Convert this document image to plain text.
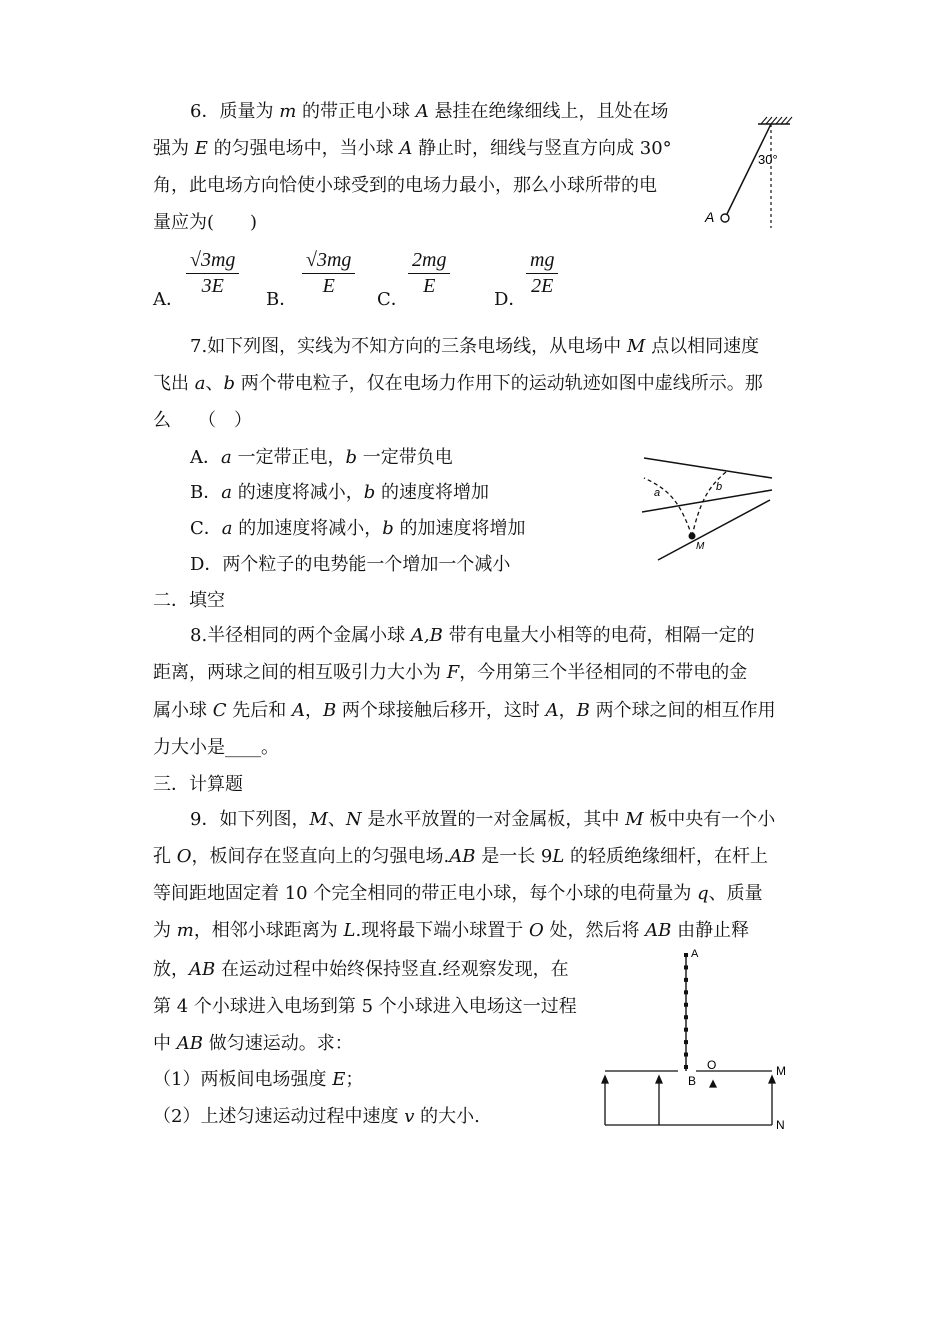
6．质量为 m 的带正电小球 A 悬挂在绝缘细线上，且处在场
强为 E 的匀强电场中，当小球 A 静止时，细线与竖直方向成 30°
角，此电场方向恰使小球受到的电场力最小，那么小球所带的电
量应为(　　)
A．
$\frac{√3mg}{3E}$
B．
$\frac{√3mg}{E}$
C．
$\frac{2mg}{E}$
D．
$\frac{mg}{2E}$
30°
A
7.如下列图，实线为不知方向的三条电场线，从电场中 M 点以相同速度
飞出 a、b 两个带电粒子，仅在电场力作用下的运动轨迹如图中虚线所示。那
么　　（　）
A．a 一定带正电，b 一定带负电
B．a 的速度将减小，b 的速度将增加
C．a 的加速度将减小，b 的加速度将增加
D．两个粒子的电势能一个增加一个减小
a	b
M
二．填空
8.半径相同的两个金属小球 A,B 带有电量大小相等的电荷，相隔一定的
距离，两球之间的相互吸引力大小为 F，今用第三个半径相同的不带电的金
属小球 C 先后和 A，B 两个球接触后移开，这时 A，B 两个球之间的相互作用
力大小是____。
三．计算题
9．如下列图，M、N 是水平放置的一对金属板，其中 M 板中央有一个小
孔 O，板间存在竖直向上的匀强电场.AB 是一长 9L 的轻质绝缘细杆，在杆上
等间距地固定着 10 个完全相同的带正电小球，每个小球的电荷量为 q、质量
为 m，相邻小球距离为 L.现将最下端小球置于 O 处，然后将 AB 由静止释
放，AB 在运动过程中始终保持竖直.经观察发现，在
第 4 个小球进入电场到第 5 个小球进入电场这一过程
中 AB 做匀速运动。求：
（1）两板间电场强度 E；
（2）上述匀速运动过程中速度 v 的大小.
A
B
O	M
N
